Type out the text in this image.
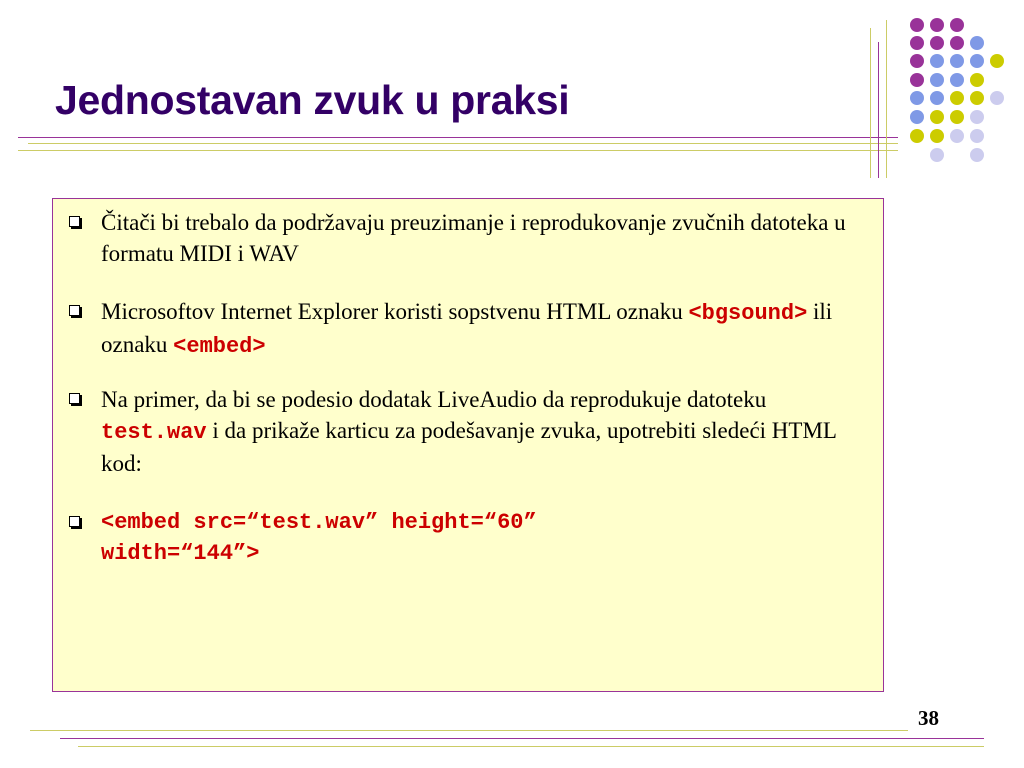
Jednostavan zvuk u praksi
Čitači bi trebalo da podržavaju preuzimanje i reprodukovanje zvučnih datoteka u formatu MIDI i WAV
Microsoftov Internet Explorer koristi sopstvenu HTML oznaku <bgsound> ili oznaku <embed>
Na primer, da bi se podesio dodatak LiveAudio da reprodukuje datoteku test.wav i da prikaže karticu za podešavanje zvuka, upotrebiti sledeći HTML kod:
<embed src=“test.wav” height=“60”
width=“144”>
38
